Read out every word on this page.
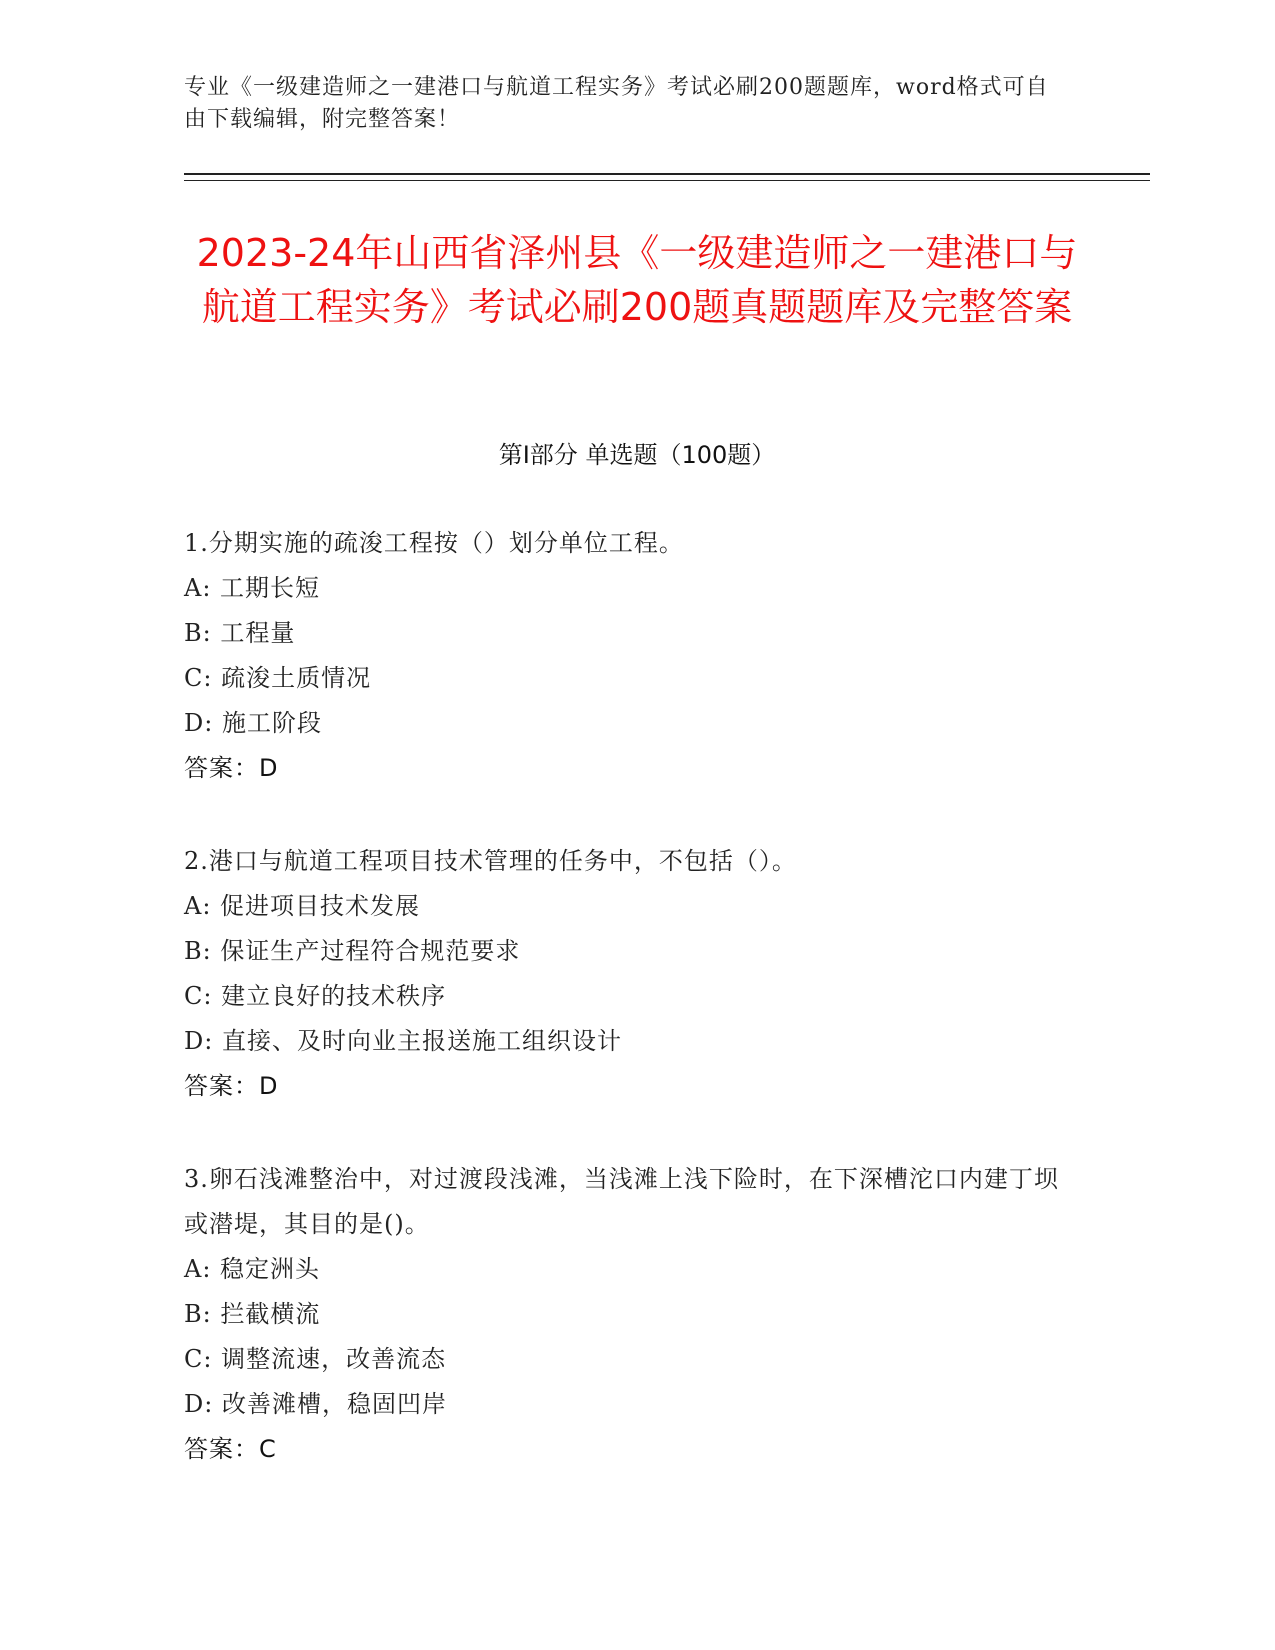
专业《一级建造师之一建港口与航道工程实务》考试必刷200题题库，word格式可自由下载编辑，附完整答案！
2023-24年山西省泽州县《一级建造师之一建港口与航道工程实务》考试必刷200题真题题库及完整答案
第I部分 单选题（100题）
1.分期实施的疏浚工程按（）划分单位工程。
A: 工期长短
B: 工程量
C: 疏浚土质情况
D: 施工阶段
答案：D
2.港口与航道工程项目技术管理的任务中，不包括（）。
A: 促进项目技术发展
B: 保证生产过程符合规范要求
C: 建立良好的技术秩序
D: 直接、及时向业主报送施工组织设计
答案：D
3.卵石浅滩整治中，对过渡段浅滩，当浅滩上浅下险时，在下深槽沱口内建丁坝或潜堤，其目的是()。
A: 稳定洲头
B: 拦截横流
C: 调整流速，改善流态
D: 改善滩槽，稳固凹岸
答案：C
